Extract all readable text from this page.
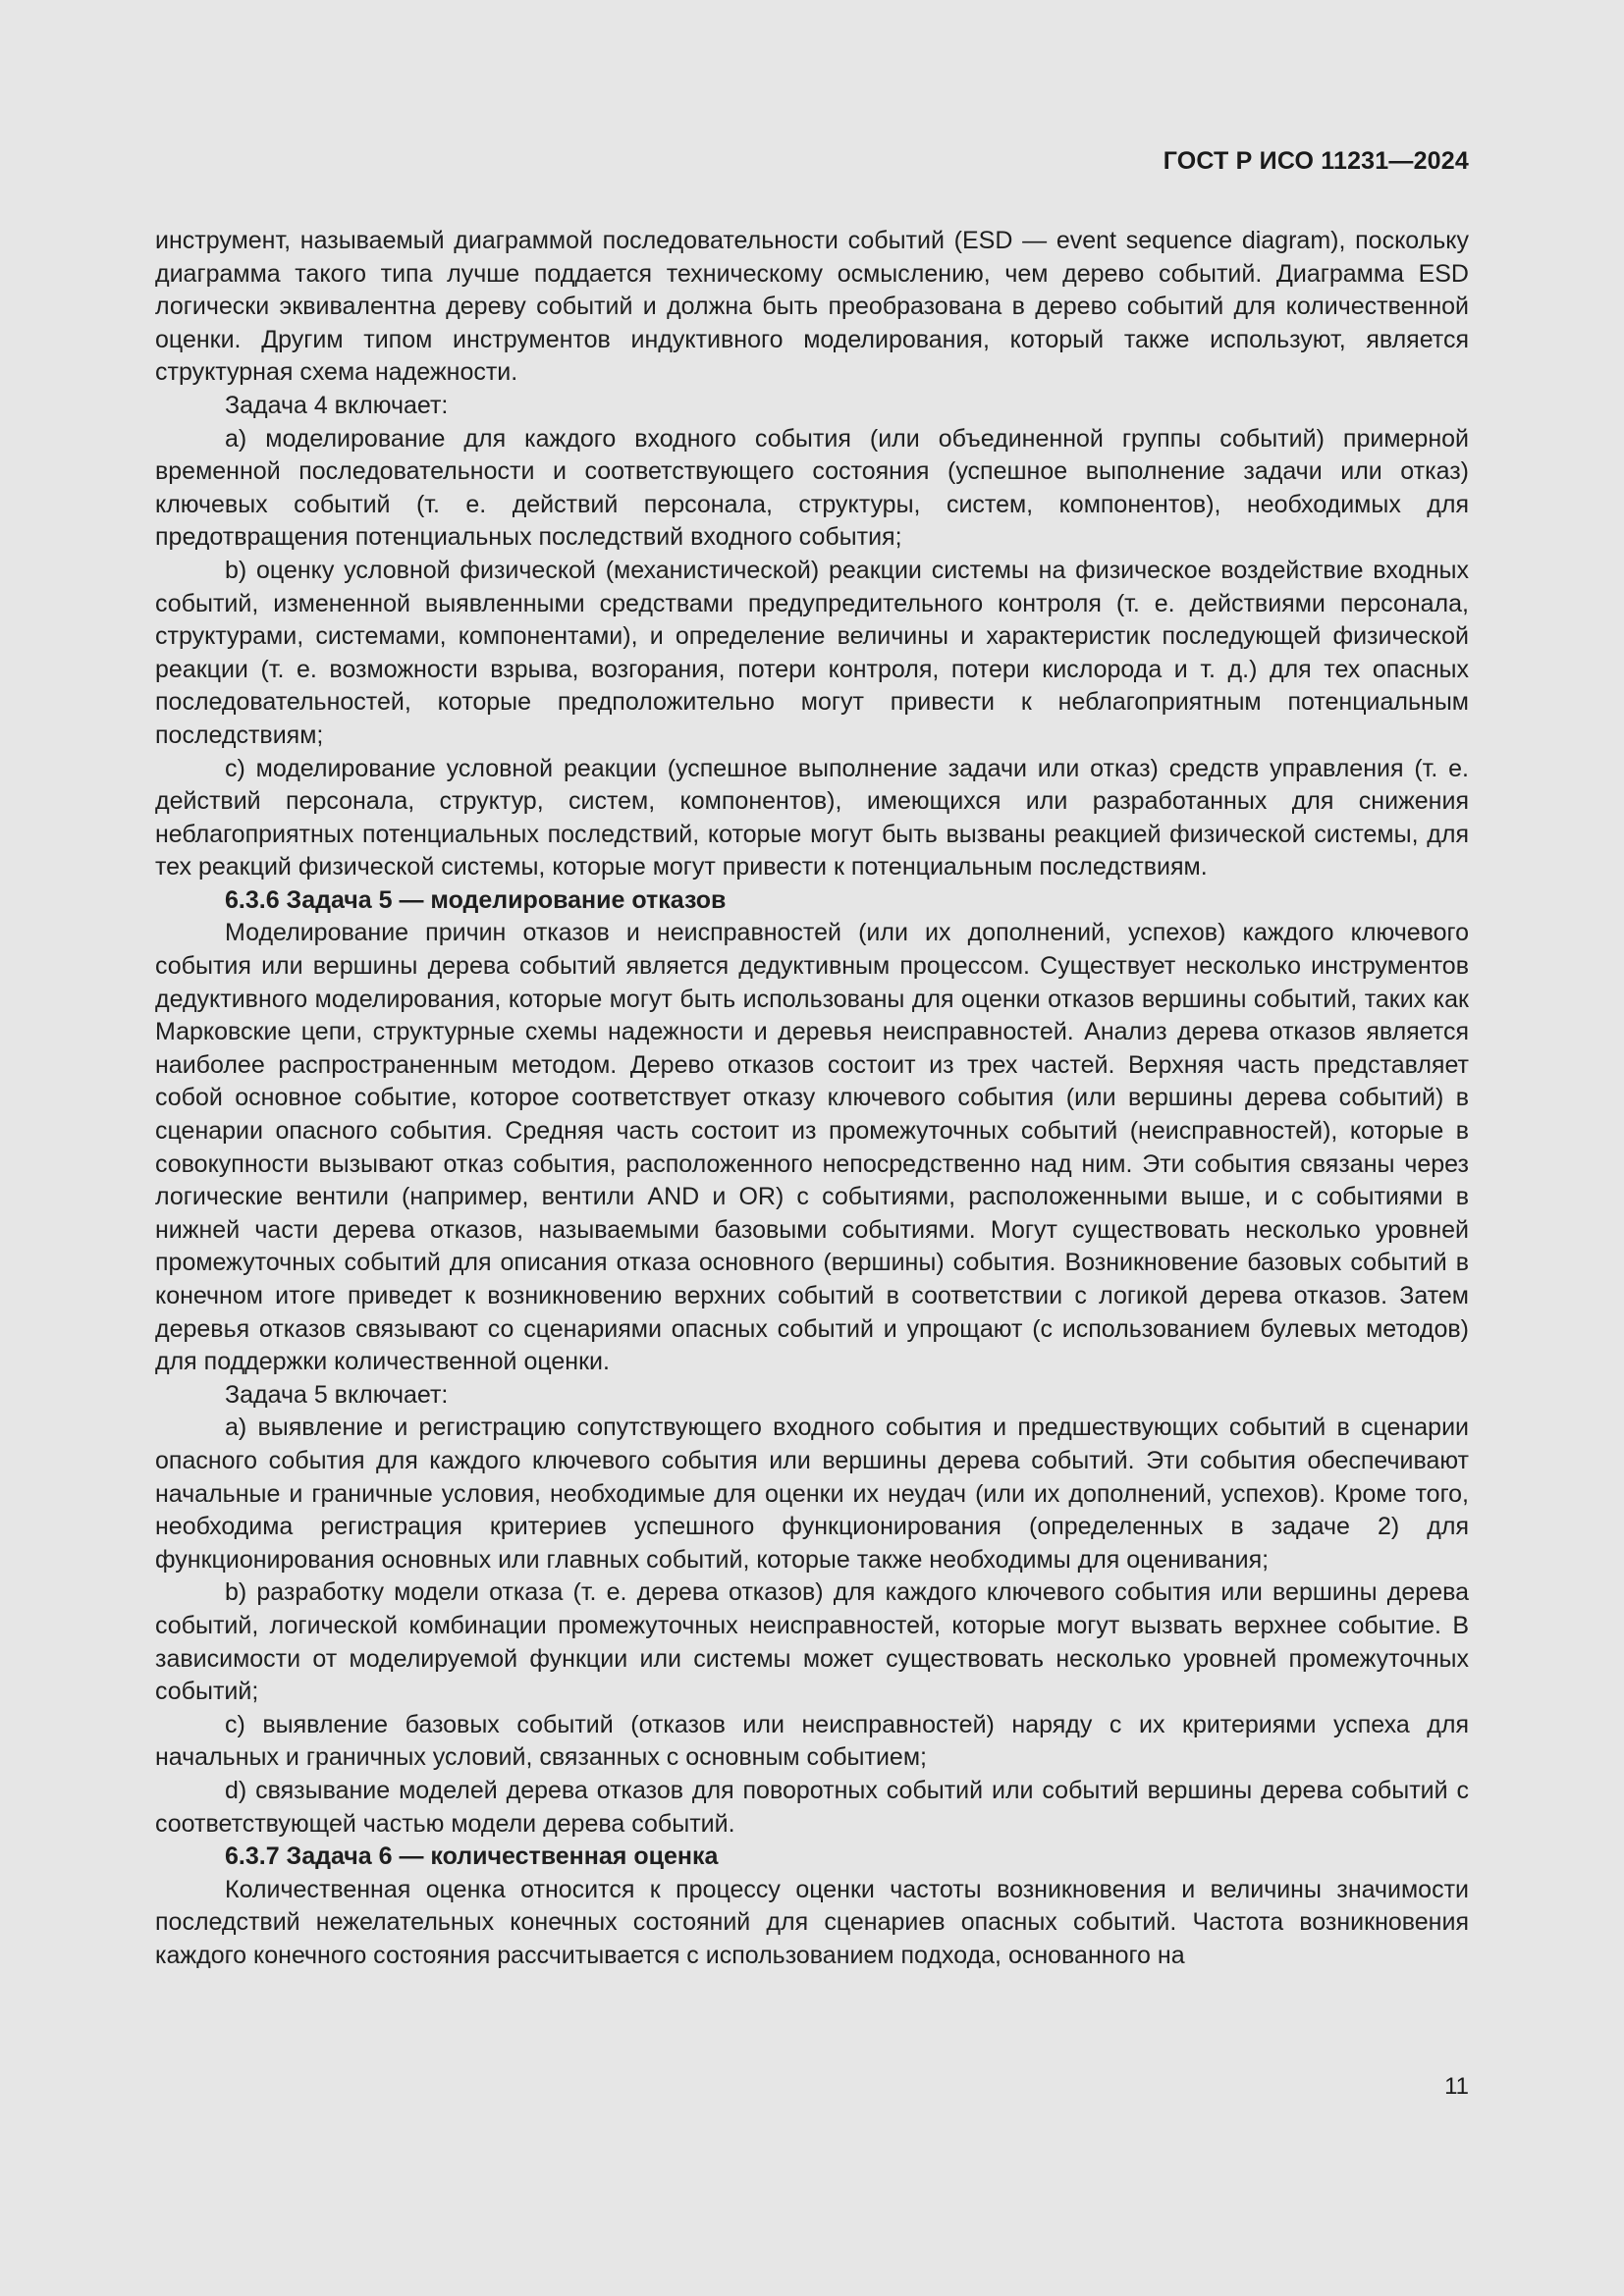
ГОСТ Р ИСО 11231—2024

инструмент, называемый диаграммой последовательности событий (ESD — event sequence diagram), поскольку диаграмма такого типа лучше поддается техническому осмыслению, чем дерево событий. Диаграмма ESD логически эквивалентна дереву событий и должна быть преобразована в дерево событий для количественной оценки. Другим типом инструментов индуктивного моделирования, который также используют, является структурная схема надежности.

Задача 4 включает:

a) моделирование для каждого входного события (или объединенной группы событий) примерной временной последовательности и соответствующего состояния (успешное выполнение задачи или отказ) ключевых событий (т. е. действий персонала, структуры, систем, компонентов), необходимых для предотвращения потенциальных последствий входного события;

b) оценку условной физической (механистической) реакции системы на физическое воздействие входных событий, измененной выявленными средствами предупредительного контроля (т. е. действиями персонала, структурами, системами, компонентами), и определение величины и характеристик последующей физической реакции (т. е. возможности взрыва, возгорания, потери контроля, потери кислорода и т. д.) для тех опасных последовательностей, которые предположительно могут привести к неблагоприятным потенциальным последствиям;

c) моделирование условной реакции (успешное выполнение задачи или отказ) средств управления (т. е. действий персонала, структур, систем, компонентов), имеющихся или разработанных для снижения неблагоприятных потенциальных последствий, которые могут быть вызваны реакцией физической системы, для тех реакций физической системы, которые могут привести к потенциальным последствиям.

6.3.6 Задача 5 — моделирование отказов

Моделирование причин отказов и неисправностей (или их дополнений, успехов) каждого ключевого события или вершины дерева событий является дедуктивным процессом. Существует несколько инструментов дедуктивного моделирования, которые могут быть использованы для оценки отказов вершины событий, таких как Марковские цепи, структурные схемы надежности и деревья неисправностей. Анализ дерева отказов является наиболее распространенным методом. Дерево отказов состоит из трех частей. Верхняя часть представляет собой основное событие, которое соответствует отказу ключевого события (или вершины дерева событий) в сценарии опасного события. Средняя часть состоит из промежуточных событий (неисправностей), которые в совокупности вызывают отказ события, расположенного непосредственно над ним. Эти события связаны через логические вентили (например, вентили AND и OR) с событиями, расположенными выше, и с событиями в нижней части дерева отказов, называемыми базовыми событиями. Могут существовать несколько уровней промежуточных событий для описания отказа основного (вершины) события. Возникновение базовых событий в конечном итоге приведет к возникновению верхних событий в соответствии с логикой дерева отказов. Затем деревья отказов связывают со сценариями опасных событий и упрощают (с использованием булевых методов) для поддержки количественной оценки.

Задача 5 включает:

a) выявление и регистрацию сопутствующего входного события и предшествующих событий в сценарии опасного события для каждого ключевого события или вершины дерева событий. Эти события обеспечивают начальные и граничные условия, необходимые для оценки их неудач (или их дополнений, успехов). Кроме того, необходима регистрация критериев успешного функционирования (определенных в задаче 2) для функционирования основных или главных событий, которые также необходимы для оценивания;

b) разработку модели отказа (т. е. дерева отказов) для каждого ключевого события или вершины дерева событий, логической комбинации промежуточных неисправностей, которые могут вызвать верхнее событие. В зависимости от моделируемой функции или системы может существовать несколько уровней промежуточных событий;

c) выявление базовых событий (отказов или неисправностей) наряду с их критериями успеха для начальных и граничных условий, связанных с основным событием;

d) связывание моделей дерева отказов для поворотных событий или событий вершины дерева событий с соответствующей частью модели дерева событий.

6.3.7 Задача 6 — количественная оценка

Количественная оценка относится к процессу оценки частоты возникновения и величины значимости последствий нежелательных конечных состояний для сценариев опасных событий. Частота возникновения каждого конечного состояния рассчитывается с использованием подхода, основанного на

11
